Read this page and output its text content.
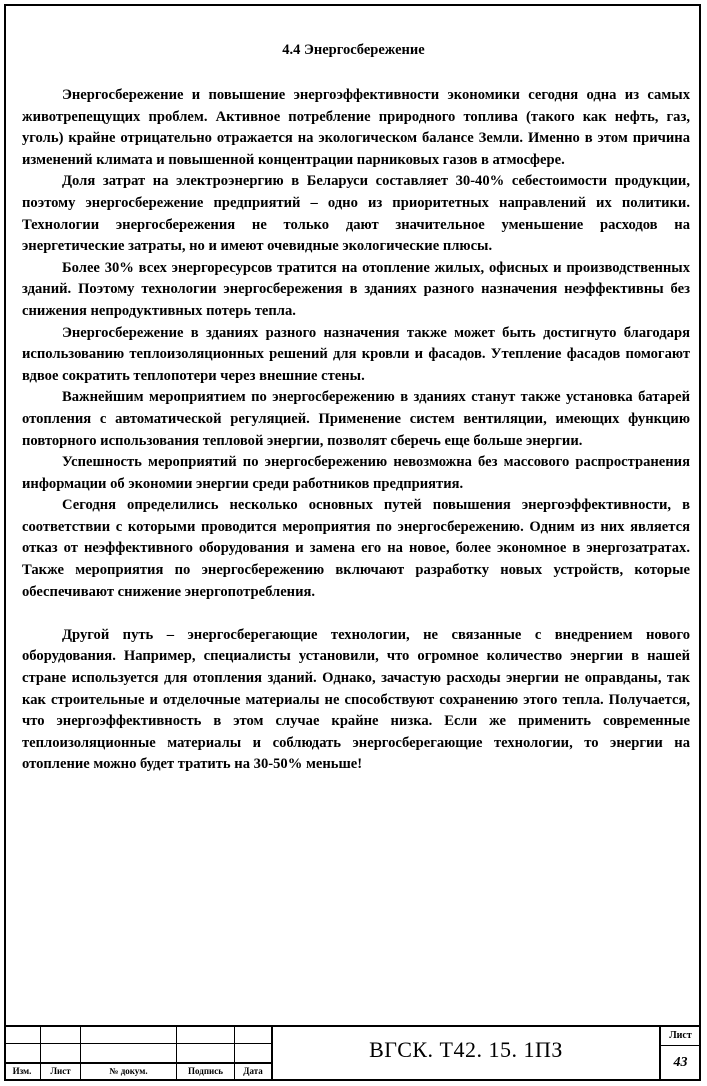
4.4 Энергосбережение

Энергосбережение и повышение энергоэффективности экономики сегодня одна из самых животрепещущих проблем. Активное потребление природного топлива (такого как нефть, газ, уголь) крайне отрицательно отражается на экологическом балансе Земли. Именно в этом причина изменений климата и повышенной концентрации парниковых газов в атмосфере.

Доля затрат на электроэнергию в Беларуси составляет 30-40% себестоимости продукции, поэтому энергосбережение предприятий – одно из приоритетных направлений их политики. Технологии энергосбережения не только дают значительное уменьшение расходов на энергетические затраты, но и имеют очевидные экологические плюсы.

Более 30% всех энергоресурсов тратится на отопление жилых, офисных и производственных зданий. Поэтому технологии энергосбережения в зданиях разного назначения неэффективны без снижения непродуктивных потерь тепла.

Энергосбережение в зданиях разного назначения также может быть достигнуто благодаря использованию теплоизоляционных решений для кровли и фасадов. Утепление фасадов помогают вдвое сократить теплопотери через внешние стены.

Важнейшим мероприятием по энергосбережению в зданиях станут также установка батарей отопления с автоматической регуляцией. Применение систем вентиляции, имеющих функцию повторного использования тепловой энергии, позволят сберечь еще больше энергии.

Успешность мероприятий по энергосбережению невозможна без массового распространения информации об экономии энергии среди работников предприятия.

Сегодня определились несколько основных путей повышения энергоэффективности, в соответствии с которыми проводится мероприятия по энергосбережению. Одним из них является отказ от неэффективного оборудования и замена его на новое, более экономное в энергозатратах. Также мероприятия по энергосбережению включают разработку новых устройств, которые обеспечивают снижение энергопотребления.

Другой путь – энергосберегающие технологии, не связанные с внедрением нового оборудования. Например, специалисты установили, что огромное количество энергии в нашей стране используется для отопления зданий. Однако, зачастую расходы энергии не оправданы, так как строительные и отделочные материалы не способствуют сохранению этого тепла. Получается, что энергоэффективность в этом случае крайне низка. Если же применить современные теплоизоляционные материалы и соблюдать энергосберегающие технологии, то энергии на отопление можно будет тратить на 30-50% меньше!

Изм.	Лист	№ докум.	Подпись	Дата
ВГСК. Т42. 15. 1ПЗ
Лист
43
